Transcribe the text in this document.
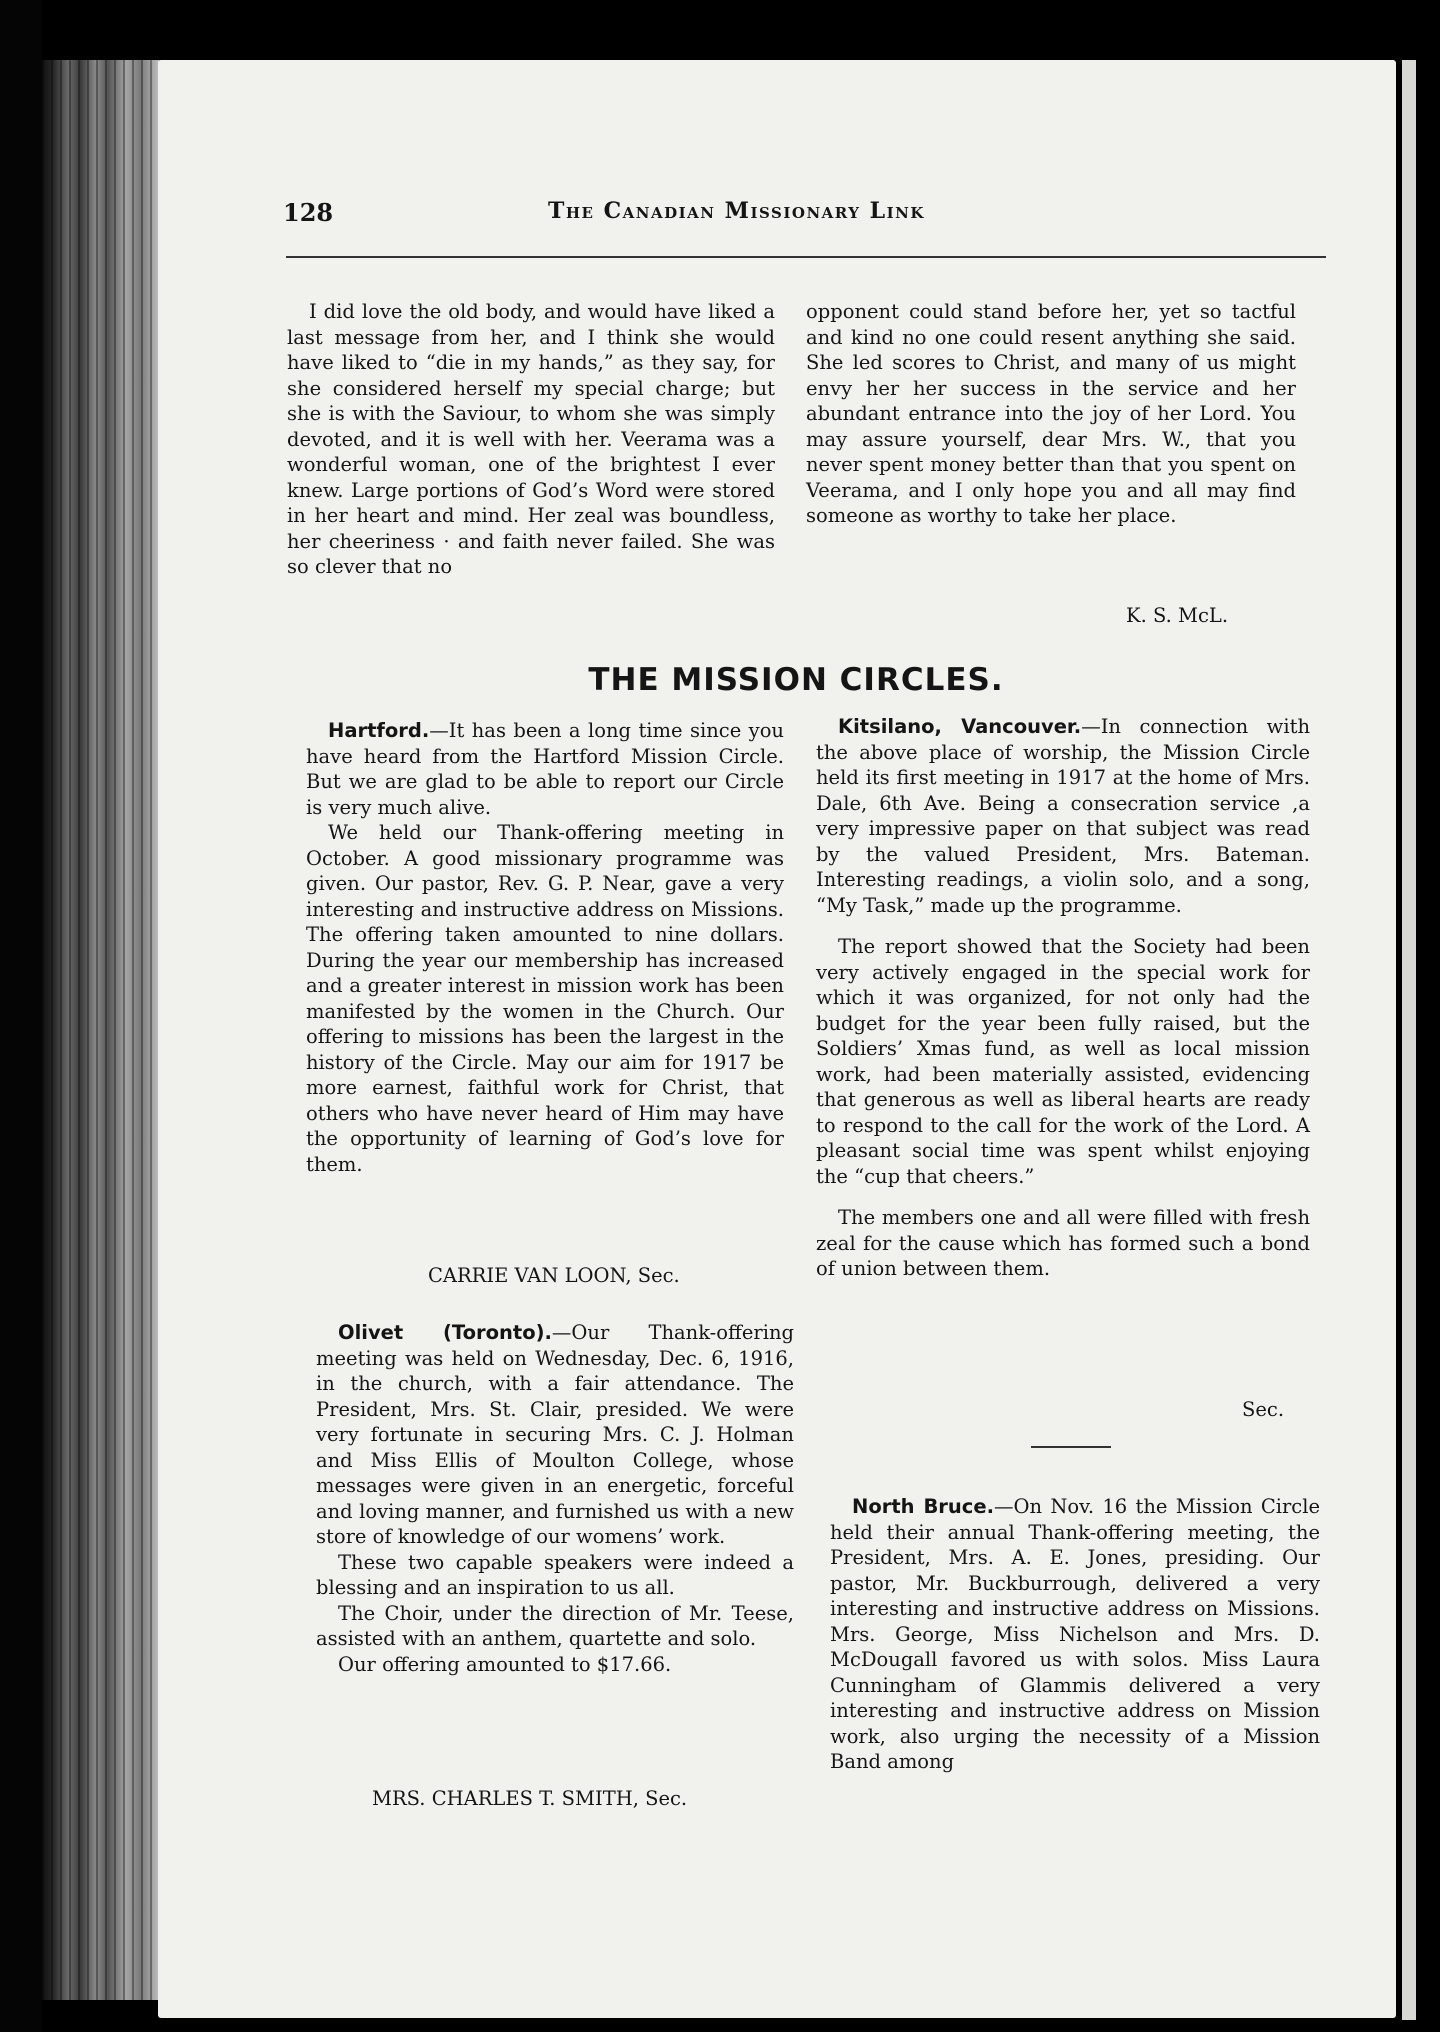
128	The Canadian Missionary Link

I did love the old body, and would have liked a last message from her, and I think she would have liked to “die in my hands,” as they say, for she considered herself my special charge; but she is with the Saviour, to whom she was simply devoted, and it is well with her. Veerama was a wonderful woman, one of the brightest I ever knew. Large portions of God’s Word were stored in her heart and mind. Her zeal was boundless, her cheeriness · and faith never failed. She was so clever that no

opponent could stand before her, yet so tactful and kind no one could resent anything she said. She led scores to Christ, and many of us might envy her her success in the service and her abundant entrance into the joy of her Lord. You may assure yourself, dear Mrs. W., that you never spent money better than that you spent on Veerama, and I only hope you and all may find someone as worthy to take her place.

K. S. McL.
THE MISSION CIRCLES.

Hartford.—It has been a long time since you have heard from the Hartford Mission Circle. But we are glad to be able to report our Circle is very much alive.

We held our Thank-offering meeting in October. A good missionary programme was given. Our pastor, Rev. G. P. Near, gave a very interesting and instructive address on Missions. The offering taken amounted to nine dollars. During the year our membership has increased and a greater interest in mission work has been manifested by the women in the Church. Our offering to missions has been the largest in the history of the Circle. May our aim for 1917 be more earnest, faithful work for Christ, that others who have never heard of Him may have the opportunity of learning of God’s love for them.

CARRIE VAN LOON, Sec.

Olivet (Toronto).—Our Thank-offering meeting was held on Wednesday, Dec. 6, 1916, in the church, with a fair attendance. The President, Mrs. St. Clair, presided. We were very fortunate in securing Mrs. C. J. Holman and Miss Ellis of Moulton College, whose messages were given in an energetic, forceful and loving manner, and furnished us with a new store of knowledge of our womens’ work.

These two capable speakers were indeed a blessing and an inspiration to us all.

The Choir, under the direction of Mr. Teese, assisted with an anthem, quartette and solo.

Our offering amounted to $17.66.

MRS. CHARLES T. SMITH, Sec.

Kitsilano, Vancouver.—In connection with the above place of worship, the Mission Circle held its first meeting in 1917 at the home of Mrs. Dale, 6th Ave. Being a consecration service ,a very impressive paper on that subject was read by the valued President, Mrs. Bateman. Interesting readings, a violin solo, and a song, “My Task,” made up the programme.

The report showed that the Society had been very actively engaged in the special work for which it was organized, for not only had the budget for the year been fully raised, but the Soldiers’ Xmas fund, as well as local mission work, had been materially assisted, evidencing that generous as well as liberal hearts are ready to respond to the call for the work of the Lord. A pleasant social time was spent whilst enjoying the “cup that cheers.”

The members one and all were filled with fresh zeal for the cause which has formed such a bond of union between them.

Sec.

North Bruce.—On Nov. 16 the Mission Circle held their annual Thank-offering meeting, the President, Mrs. A. E. Jones, presiding. Our pastor, Mr. Buckburrough, delivered a very interesting and instructive address on Missions. Mrs. George, Miss Nichelson and Mrs. D. McDougall favored us with solos. Miss Laura Cunningham of Glammis delivered a very interesting and instructive address on Mission work, also urging the necessity of a Mission Band among
